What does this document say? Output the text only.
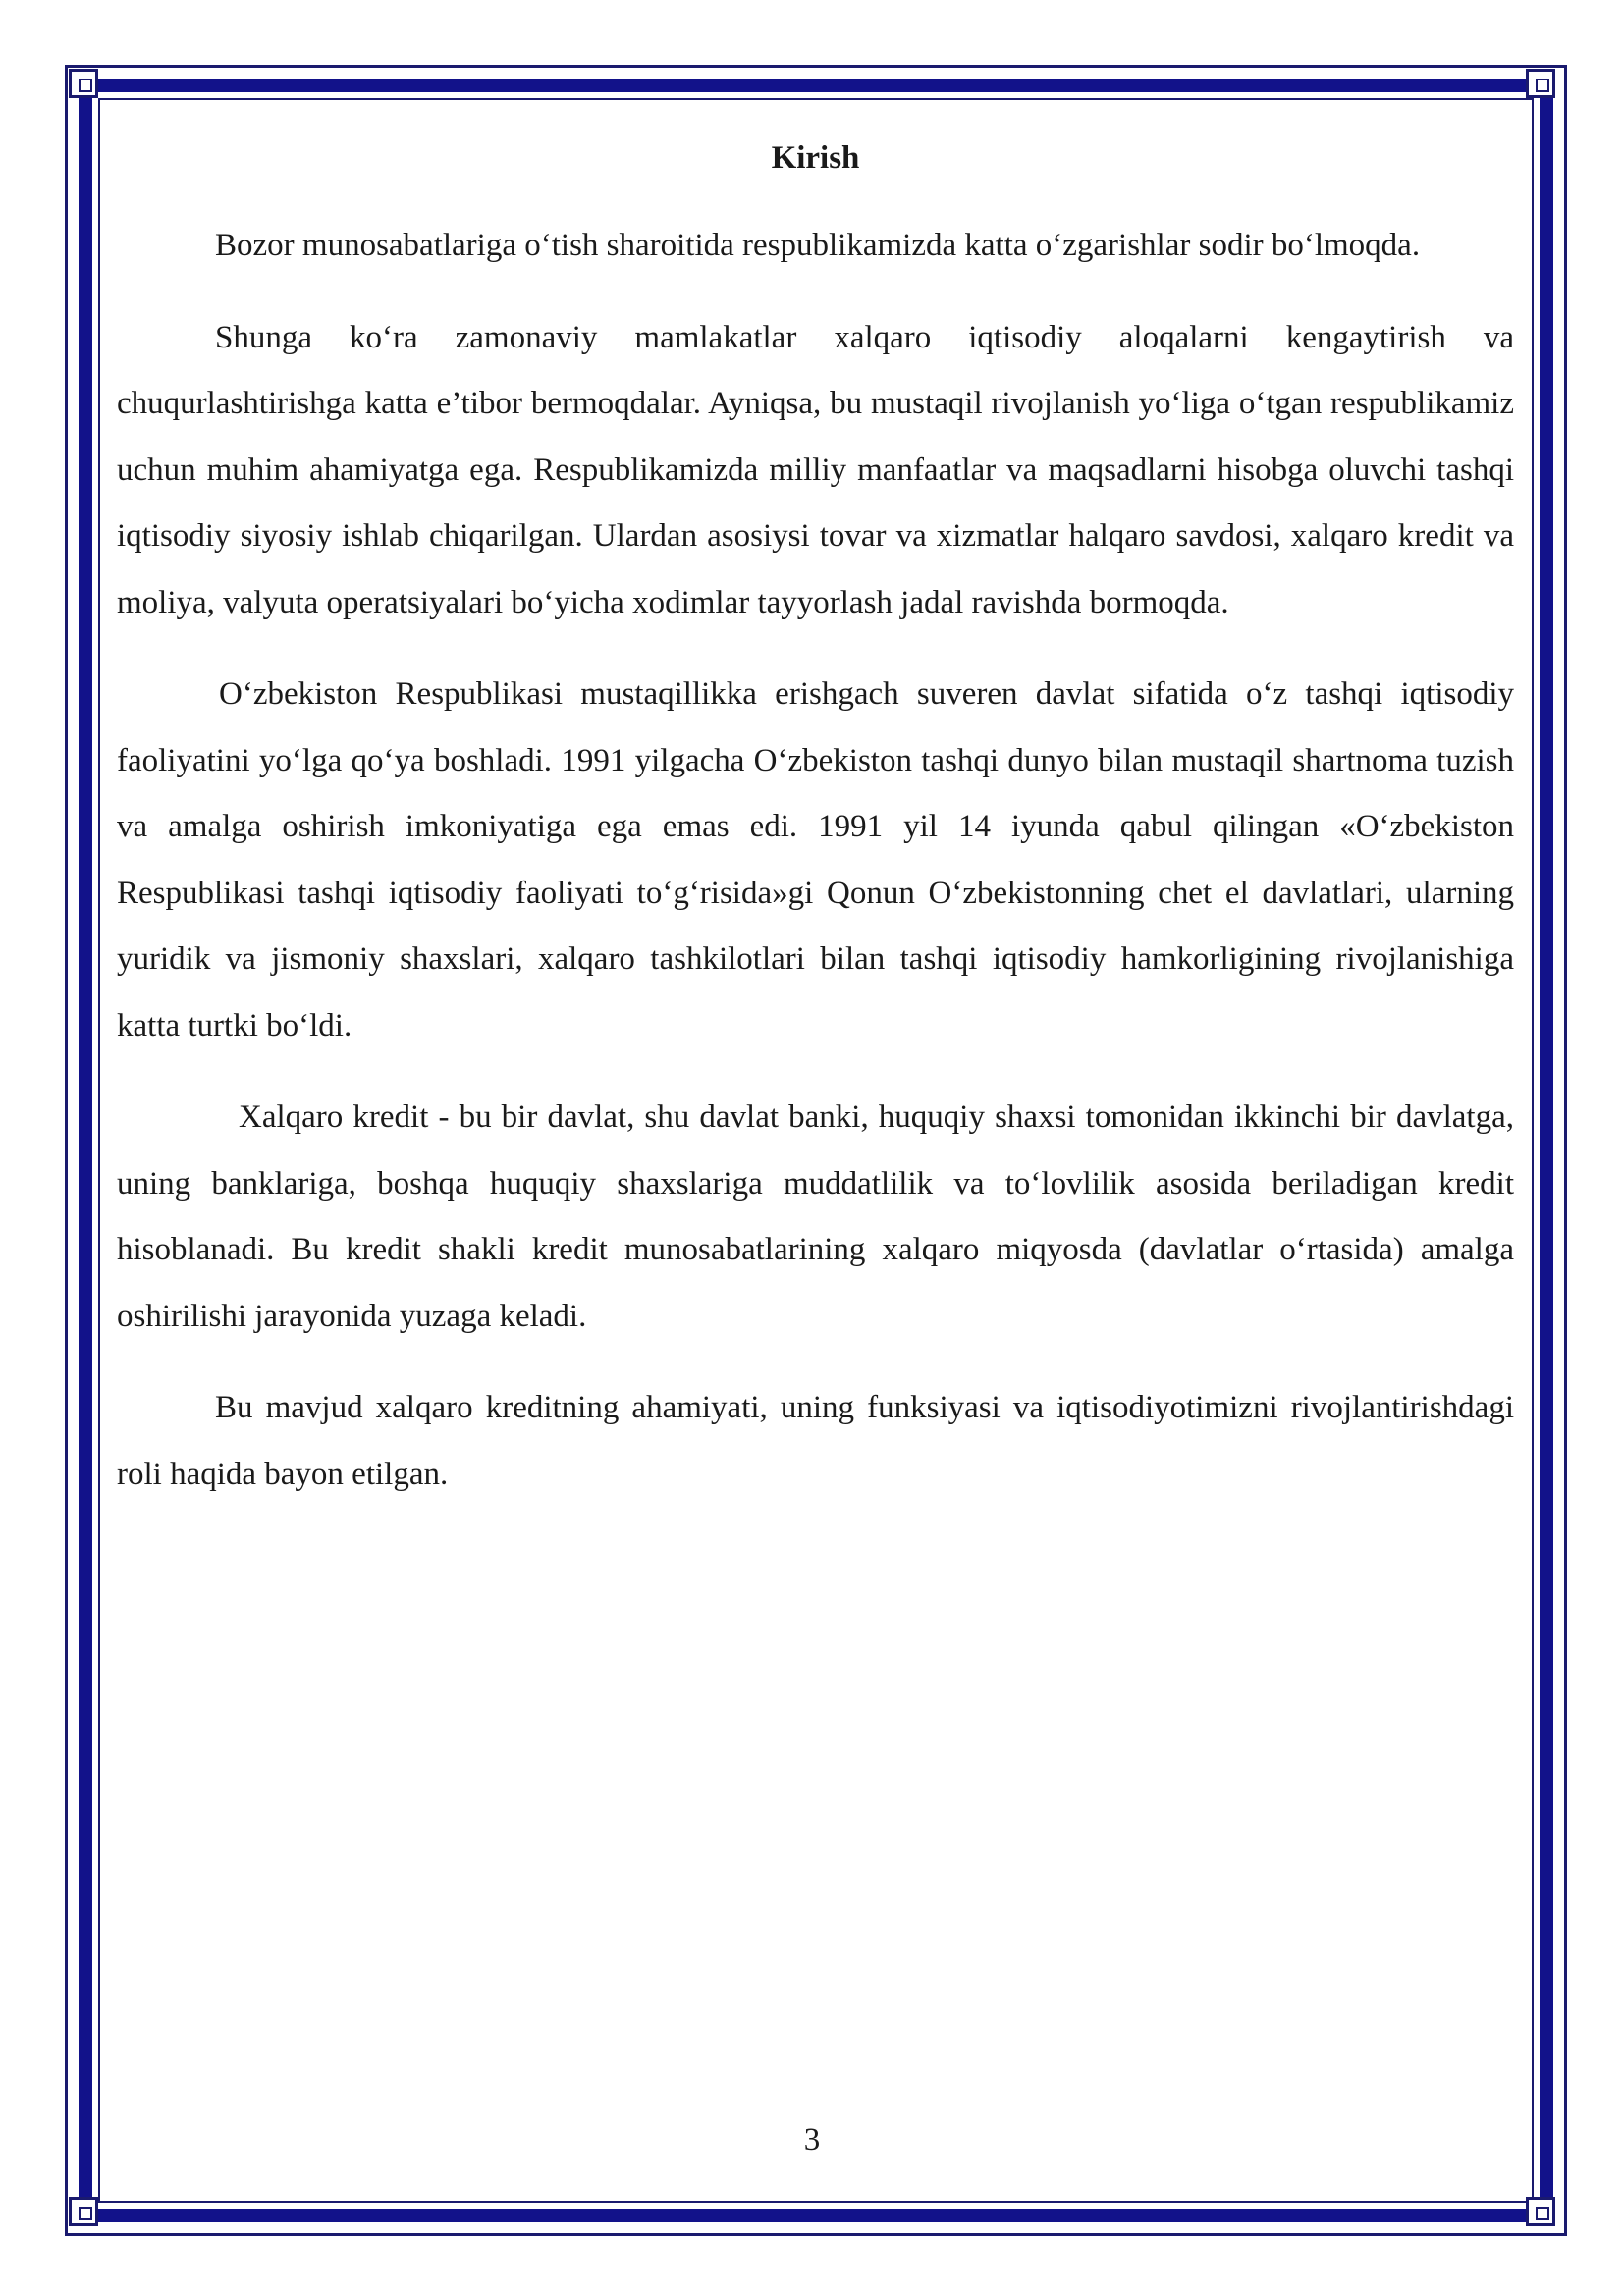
Kirish

Bozor munosabatlariga o‘tish sharoitida respublikamizda katta o‘zgarishlar sodir bo‘lmoqda.

Shunga ko‘ra zamonaviy mamlakatlar xalqaro iqtisodiy aloqalarni kengaytirish va chuqurlashtirishga katta e’tibor bermoqdalar. Ayniqsa, bu mustaqil rivojlanish yo‘liga o‘tgan respublikamiz uchun muhim ahamiyatga ega. Respublikamizda milliy manfaatlar va maqsadlarni hisobga oluvchi tashqi iqtisodiy siyosiy ishlab chiqarilgan. Ulardan asosiysi tovar va xizmatlar halqaro savdosi, xalqaro kredit va moliya, valyuta operatsiyalari bo‘yicha xodimlar tayyorlash jadal ravishda bormoqda.

O‘zbekiston Respublikasi mustaqillikka erishgach suveren davlat sifatida o‘z tashqi iqtisodiy faoliyatini yo‘lga qo‘ya boshladi. 1991 yilgacha O‘zbekiston tashqi dunyo bilan mustaqil shartnoma tuzish va amalga oshirish imkoniyatiga ega emas edi. 1991 yil 14 iyunda qabul qilingan «O‘zbekiston Respublikasi tashqi iqtisodiy faoliyati to‘g‘risida»gi Qonun O‘zbekistonning chet el davlatlari, ularning yuridik va jismoniy shaxslari, xalqaro tashkilotlari bilan tashqi iqtisodiy hamkorligining rivojlanishiga katta turtki bo‘ldi.

Xalqaro kredit - bu bir davlat, shu davlat banki, huquqiy shaxsi tomonidan ikkinchi bir davlatga, uning banklariga, boshqa huquqiy shaxslariga muddatlilik va to‘lovlilik asosida beriladigan kredit hisoblanadi. Bu kredit shakli kredit munosabatlarining xalqaro miqyosda (davlatlar o‘rtasida) amalga oshirilishi jarayonida yuzaga keladi.

Bu mavjud xalqaro kreditning ahamiyati, uning funksiyasi va iqtisodiyotimizni rivojlantirishdagi roli haqida bayon etilgan.

3
